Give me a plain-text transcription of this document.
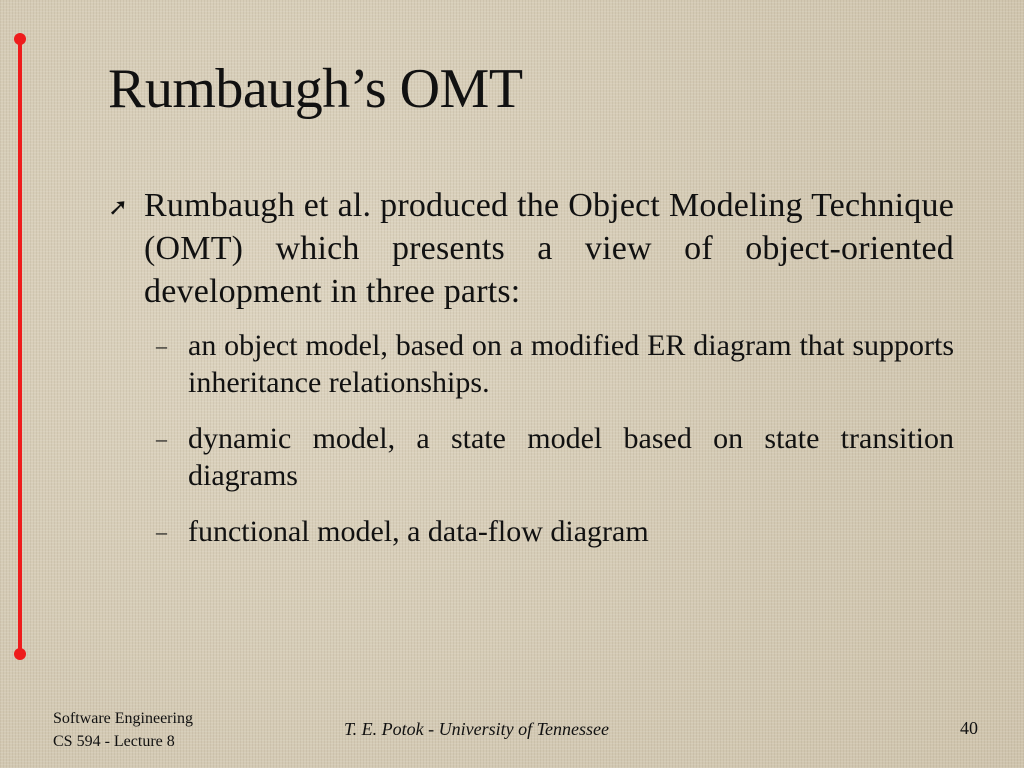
Rumbaugh’s OMT
➚ Rumbaugh et al. produced the Object Modeling Technique (OMT) which presents a view of object-oriented development in three parts:
– an object model, based on a modified ER diagram that supports inheritance relationships.
– dynamic model, a state model based on state transition diagrams
– functional model, a data-flow diagram
Software Engineering
CS 594 - Lecture 8
T. E. Potok - University of Tennessee	40
